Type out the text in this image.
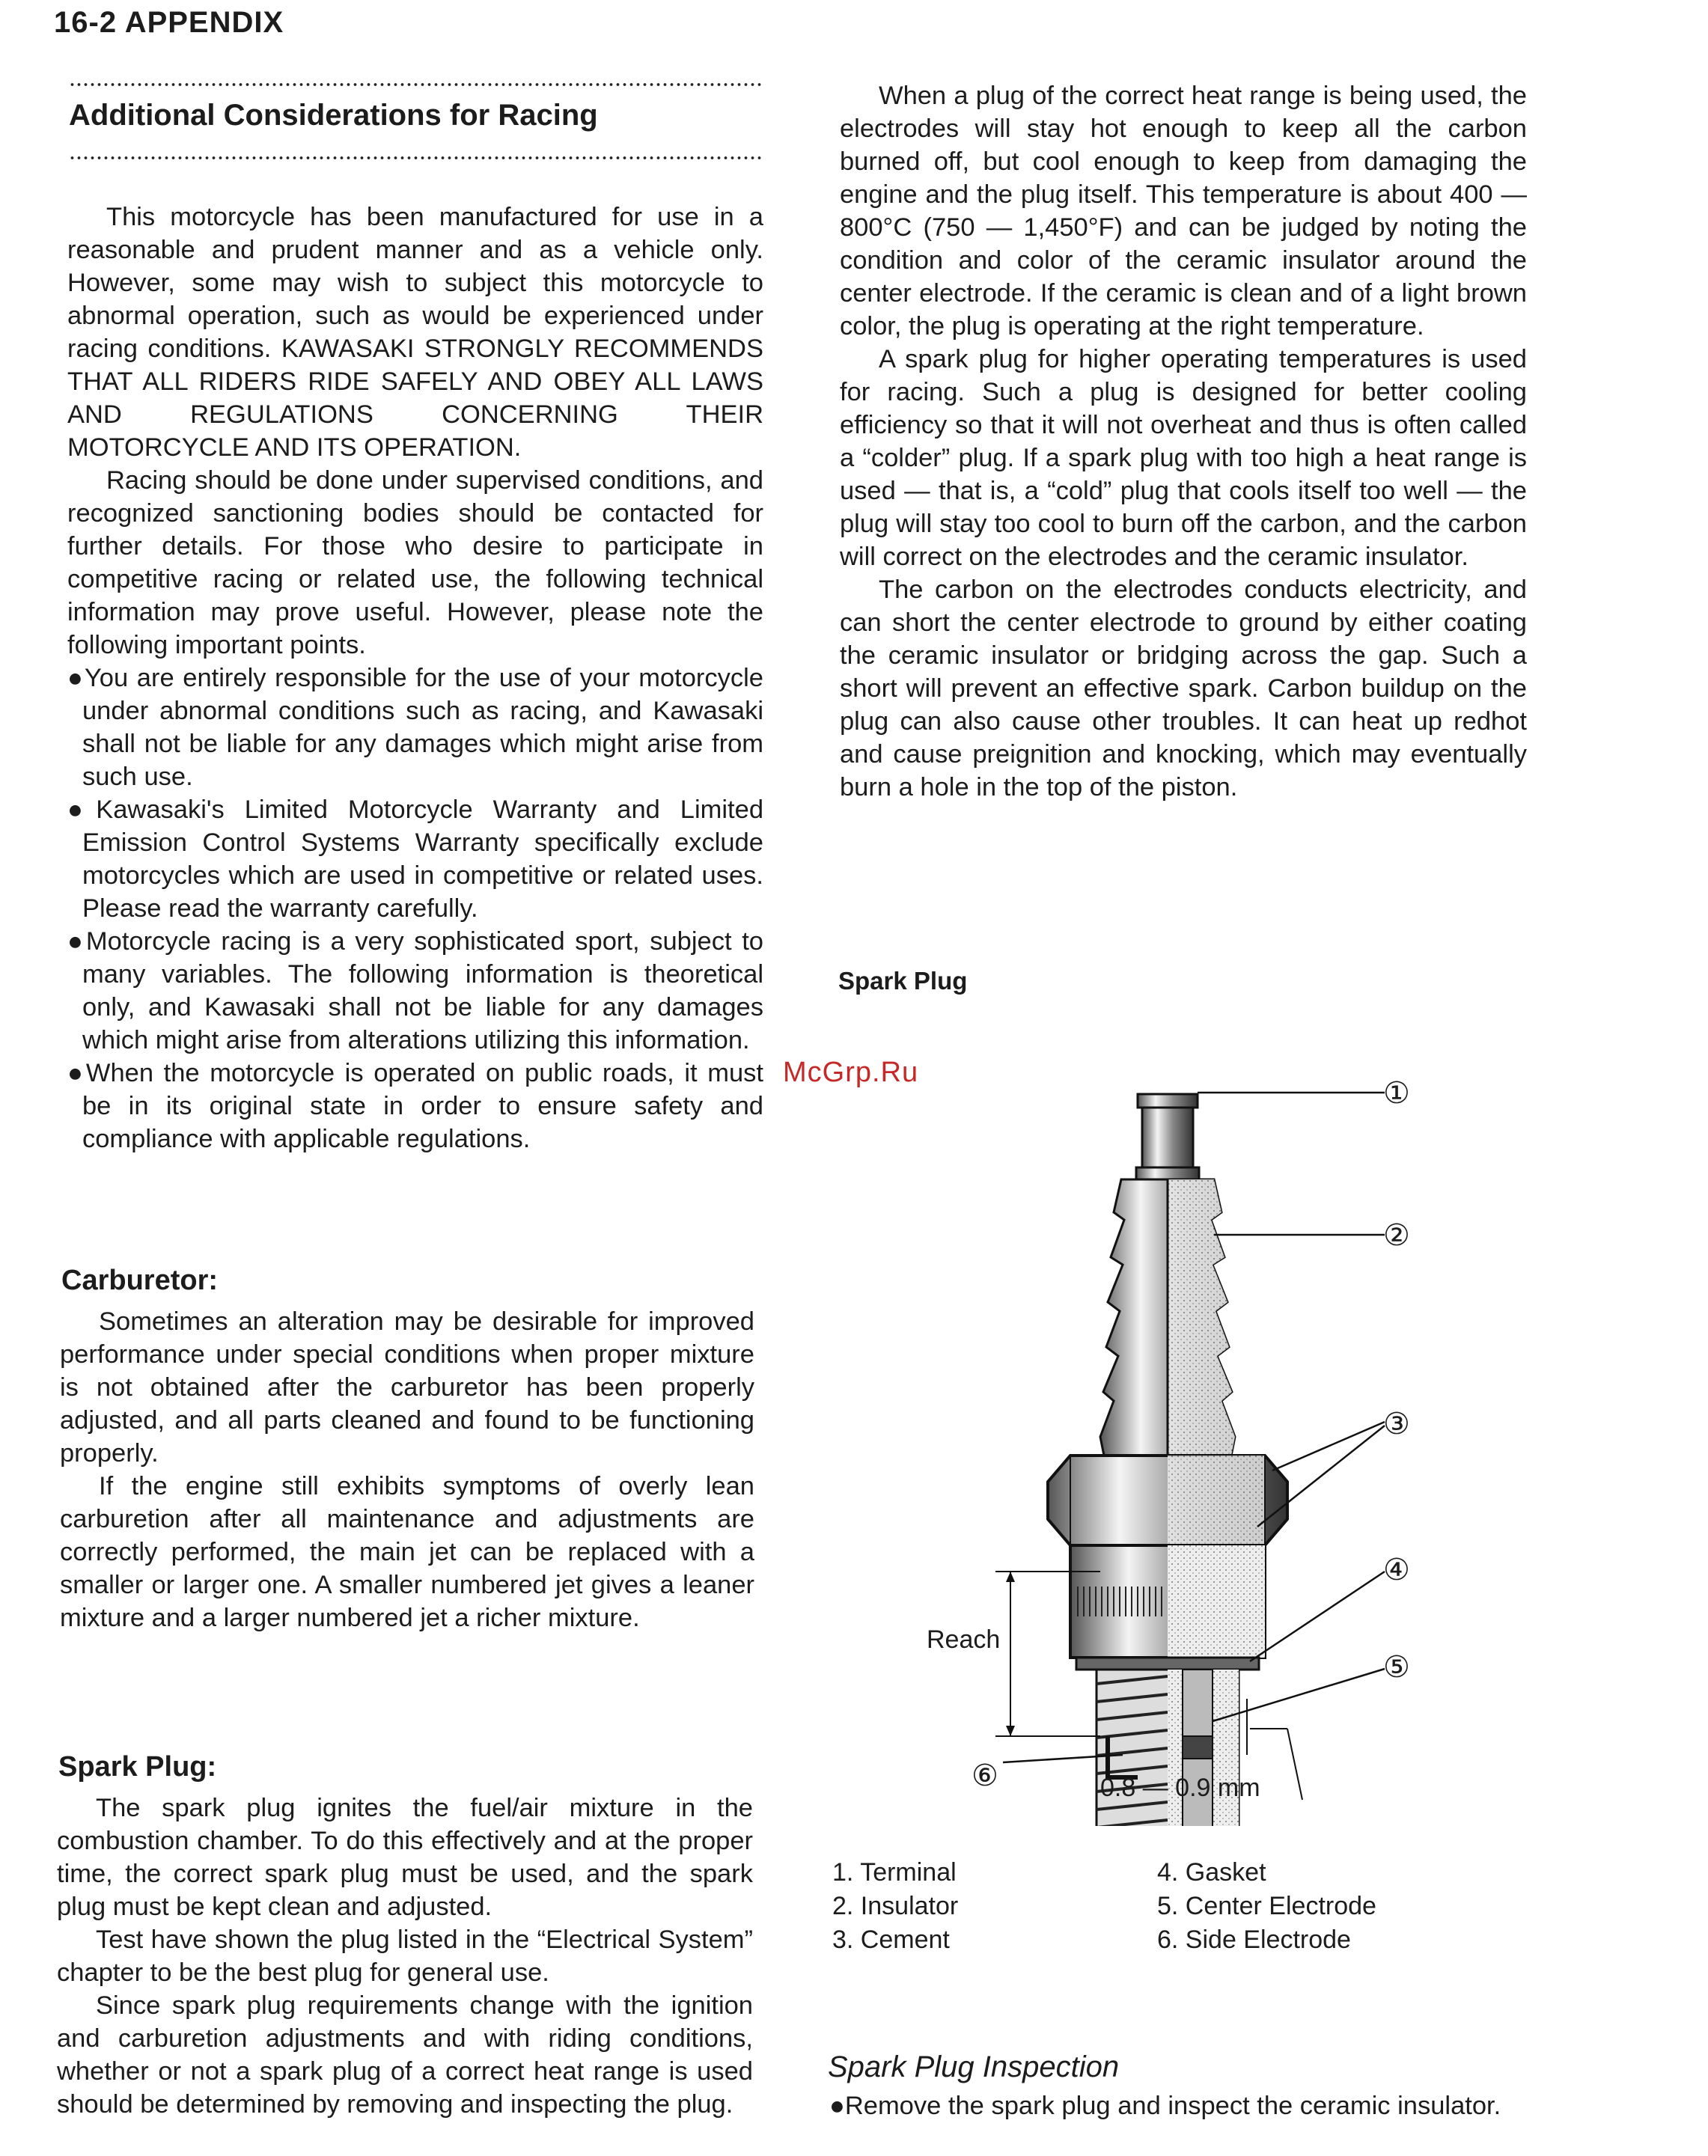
16-2 APPENDIX
Additional Considerations for Racing

This motorcycle has been manufactured for use in a reasonable and prudent manner and as a vehicle only. However, some may wish to subject this motorcycle to abnormal operation, such as would be experienced under racing conditions. KAWASAKI STRONGLY RECOMMENDS THAT ALL RIDERS RIDE SAFELY AND OBEY ALL LAWS AND REGULATIONS CONCERNING THEIR MOTORCYCLE AND ITS OPERATION.

Racing should be done under supervised conditions, and recognized sanctioning bodies should be contacted for further details. For those who desire to participate in competitive racing or related use, the following technical information may prove useful. However, please note the following important points.

●You are entirely responsible for the use of your motorcycle under abnormal conditions such as racing, and Kawasaki shall not be liable for any damages which might arise from such use.

●Kawasaki's Limited Motorcycle Warranty and Limited Emission Control Systems Warranty specifically exclude motorcycles which are used in competitive or related uses. Please read the warranty carefully.

●Motorcycle racing is a very sophisticated sport, subject to many variables. The following information is theoretical only, and Kawasaki shall not be liable for any damages which might arise from alterations utilizing this information.

●When the motorcycle is operated on public roads, it must be in its original state in order to ensure safety and compliance with applicable regulations.

Carburetor:

Sometimes an alteration may be desirable for improved performance under special conditions when proper mixture is not obtained after the carburetor has been properly adjusted, and all parts cleaned and found to be functioning properly.

If the engine still exhibits symptoms of overly lean carburetion after all maintenance and adjustments are correctly performed, the main jet can be replaced with a smaller or larger one. A smaller numbered jet gives a leaner mixture and a larger numbered jet a richer mixture.

Spark Plug:

The spark plug ignites the fuel/air mixture in the combustion chamber. To do this effectively and at the proper time, the correct spark plug must be used, and the spark plug must be kept clean and adjusted.

Test have shown the plug listed in the “Electrical System” chapter to be the best plug for general use.

Since spark plug requirements change with the ignition and carburetion adjustments and with riding conditions, whether or not a spark plug of a correct heat range is used should be determined by removing and inspecting the plug.

When a plug of the correct heat range is being used, the electrodes will stay hot enough to keep all the carbon burned off, but cool enough to keep from damaging the engine and the plug itself. This temperature is about 400 — 800°C (750 — 1,450°F) and can be judged by noting the condition and color of the ceramic insulator around the center electrode. If the ceramic is clean and of a light brown color, the plug is operating at the right temperature.

A spark plug for higher operating temperatures is used for racing. Such a plug is designed for better cooling efficiency so that it will not overheat and thus is often called a “colder” plug. If a spark plug with too high a heat range is used — that is, a “cold” plug that cools itself too well — the plug will stay too cool to burn off the carbon, and the carbon will correct on the electrodes and the ceramic insulator.

The carbon on the electrodes conducts electricity, and can short the center electrode to ground by either coating the ceramic insulator or bridging across the gap. Such a short will prevent an effective spark. Carbon buildup on the plug can also cause other troubles. It can heat up redhot and cause preignition and knocking, which may eventually burn a hole in the top of the piston.

Spark Plug
McGrp.Ru
①
②
③
④
⑤
⑥
Reach
0.8 — 0.9 mm
1. Terminal
2. Insulator
3. Cement
4. Gasket
5. Center Electrode
6. Side Electrode
Spark Plug Inspection
●Remove the spark plug and inspect the ceramic insulator.
